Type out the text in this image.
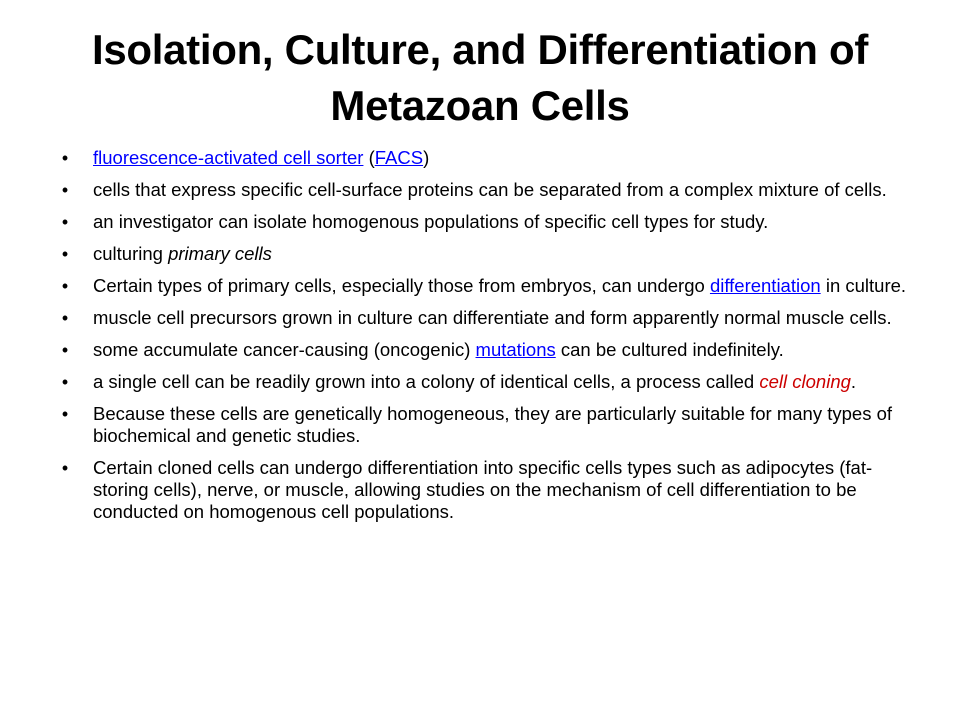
Isolation, Culture, and Differentiation of Metazoan Cells
• fluorescence-activated cell sorter (FACS)
• cells that express specific cell-surface proteins can be separated from a complex mixture of cells.
• an investigator can isolate homogenous populations of specific cell types for study.
• culturing primary cells
• Certain types of primary cells, especially those from embryos, can undergo differentiation in culture.
• muscle cell precursors grown in culture can differentiate and form apparently normal muscle cells.
• some accumulate cancer-causing (oncogenic) mutations can be cultured indefinitely.
• a single cell can be readily grown into a colony of identical cells, a process called cell cloning.
• Because these cells are genetically homogeneous, they are particularly suitable for many types of biochemical and genetic studies.
• Certain cloned cells can undergo differentiation into specific cells types such as adipocytes (fat-storing cells), nerve, or muscle, allowing studies on the mechanism of cell differentiation to be conducted on homogenous cell populations.
